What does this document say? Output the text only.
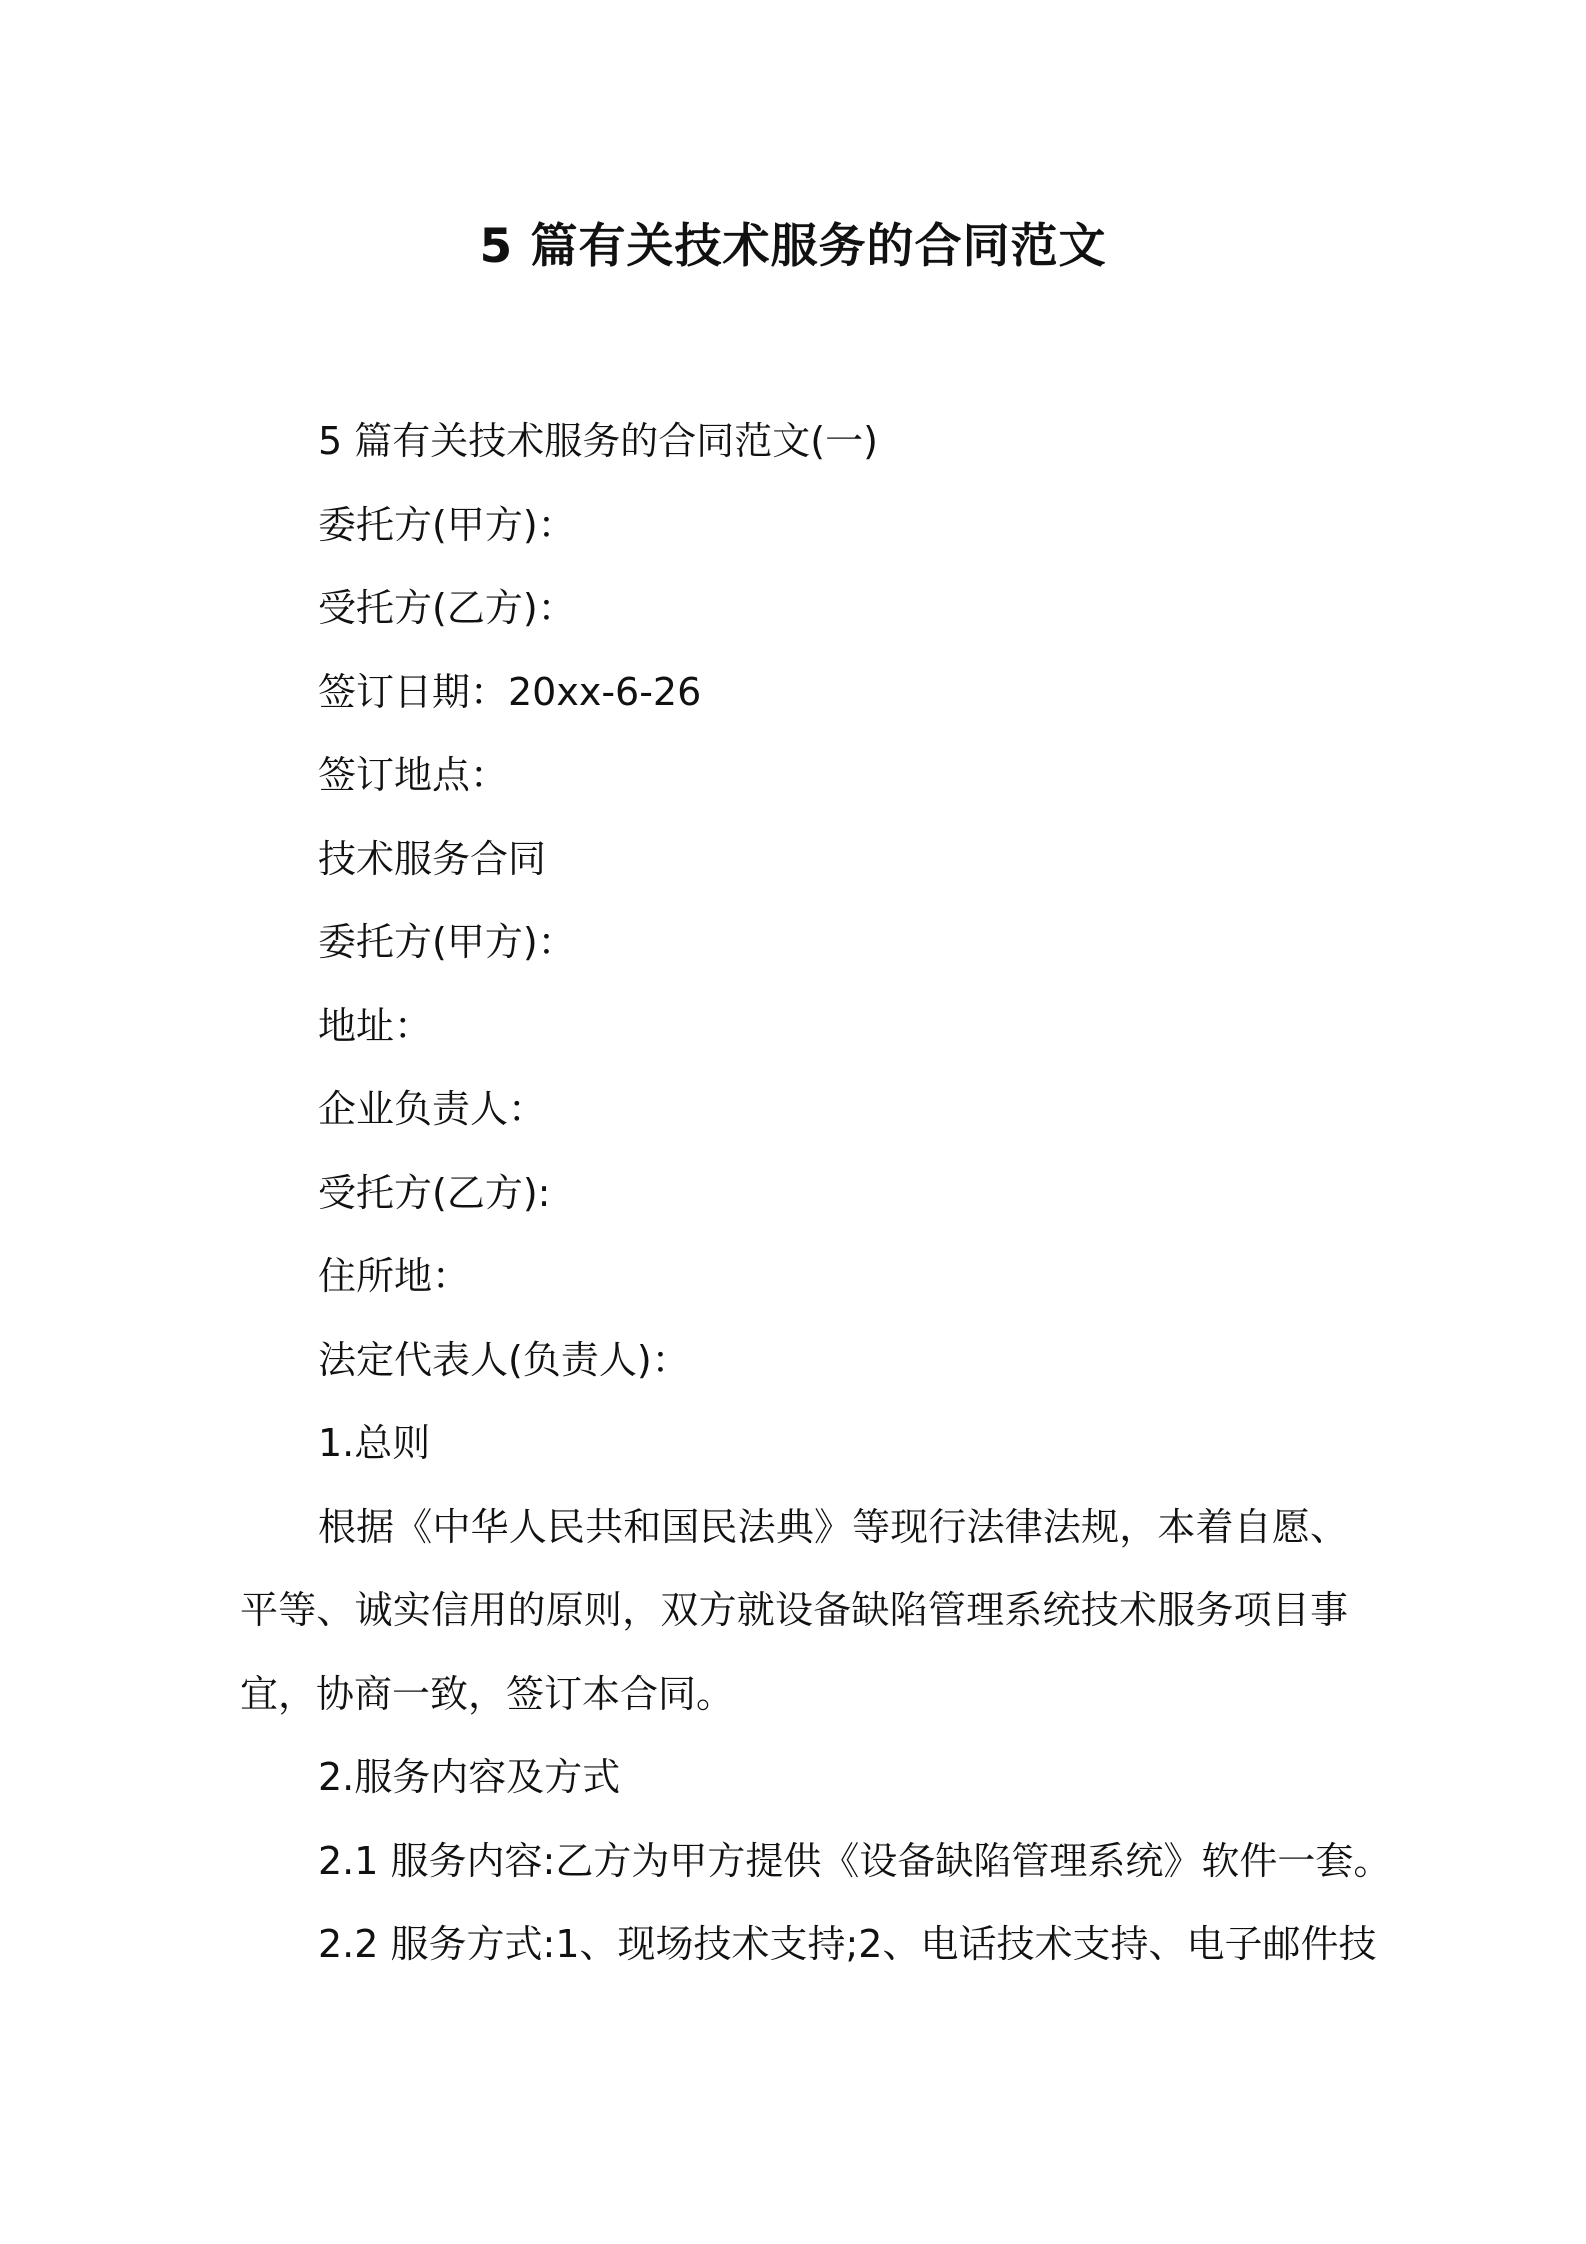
5 篇有关技术服务的合同范文

5 篇有关技术服务的合同范文(一)

委托方(甲方)：

受托方(乙方)：

签订日期：20xx-6-26

签订地点：

技术服务合同

委托方(甲方)：

地址：

企业负责人：

受托方(乙方):

住所地：

法定代表人(负责人)：

1.总则

根据《中华人民共和国民法典》等现行法律法规，本着自愿、平等、诚实信用的原则，双方就设备缺陷管理系统技术服务项目事宜，协商一致，签订本合同。

2.服务内容及方式

2.1 服务内容:乙方为甲方提供《设备缺陷管理系统》软件一套。

2.2 服务方式:1、现场技术支持;2、电话技术支持、电子邮件技
